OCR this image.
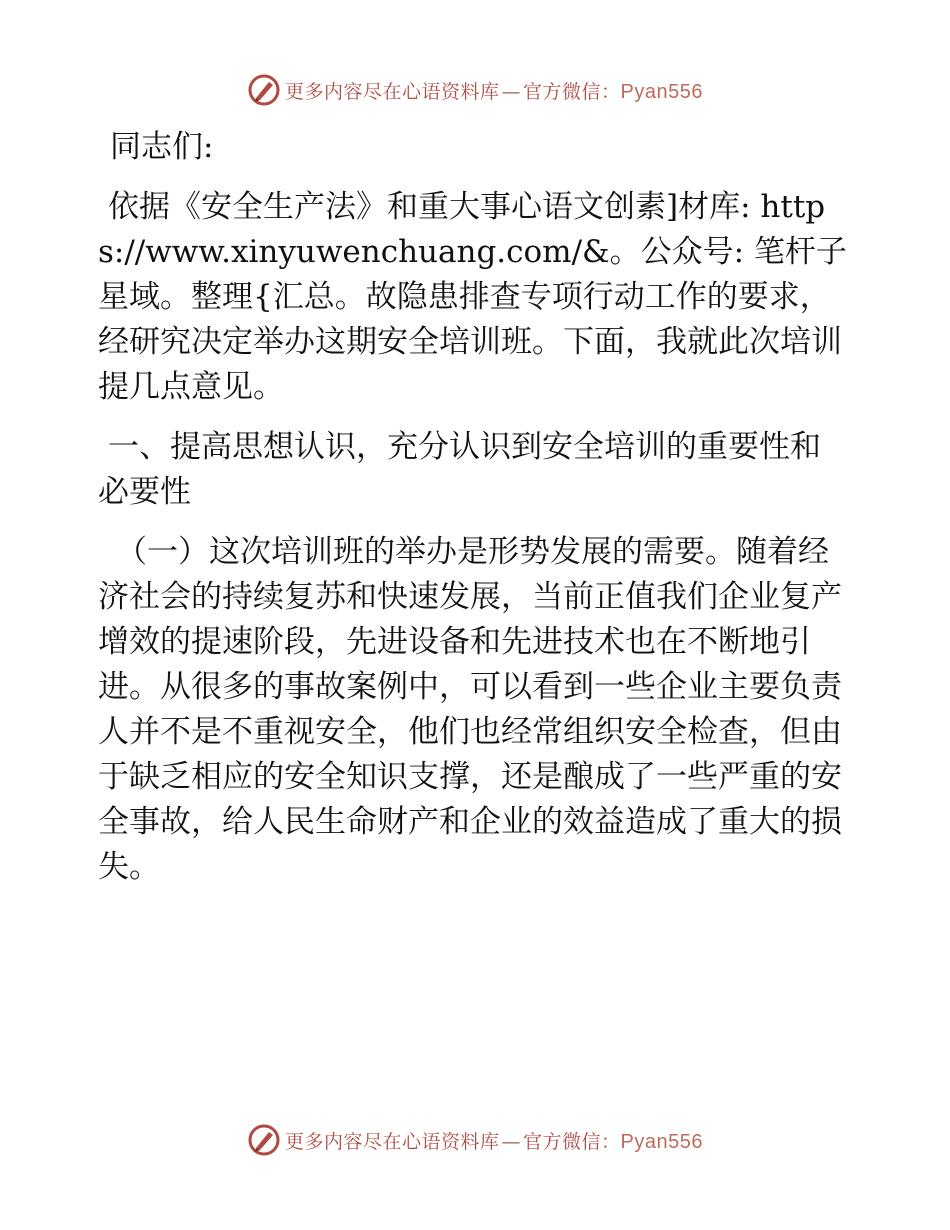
更多内容尽在心语资料库 — 官方微信：Pyan556

同志们:

依据《安全生产法》和重大事心语文创素]材库: https://www.xinyuwenchuang.com/&。公众号: 笔杆子星域。整理{汇总。故隐患排查专项行动工作的要求，经研究决定举办这期安全培训班。下面，我就此次培训提几点意见。

一、提高思想认识，充分认识到安全培训的重要性和必要性

（一）这次培训班的举办是形势发展的需要。随着经济社会的持续复苏和快速发展，当前正值我们企业复产增效的提速阶段，先进设备和先进技术也在不断地引进。从很多的事故案例中，可以看到一些企业主要负责人并不是不重视安全，他们也经常组织安全检查，但由于缺乏相应的安全知识支撑，还是酿成了一些严重的安全事故，给人民生命财产和企业的效益造成了重大的损失。

更多内容尽在心语资料库 — 官方微信：Pyan556
